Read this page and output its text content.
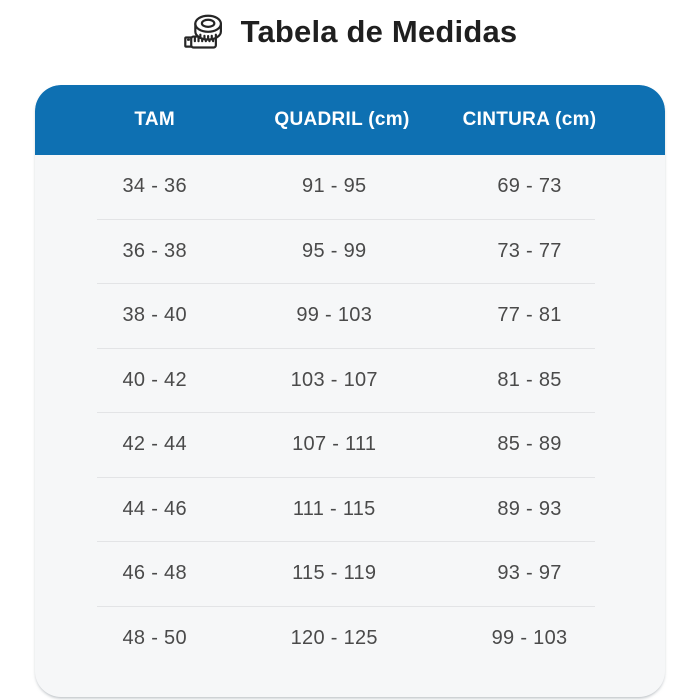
Tabela de Medidas
TAM	QUADRIL (cm)	CINTURA (cm)
34 - 36	91 - 95	69 - 73
36 - 38	95 - 99	73 - 77
38 - 40	99 - 103	77 - 81
40 - 42	103 - 107	81 - 85
42 - 44	107 - 111	85 - 89
44 - 46	111 - 115	89 - 93
46 - 48	115 - 119	93 - 97
48 - 50	120 - 125	99 - 103
